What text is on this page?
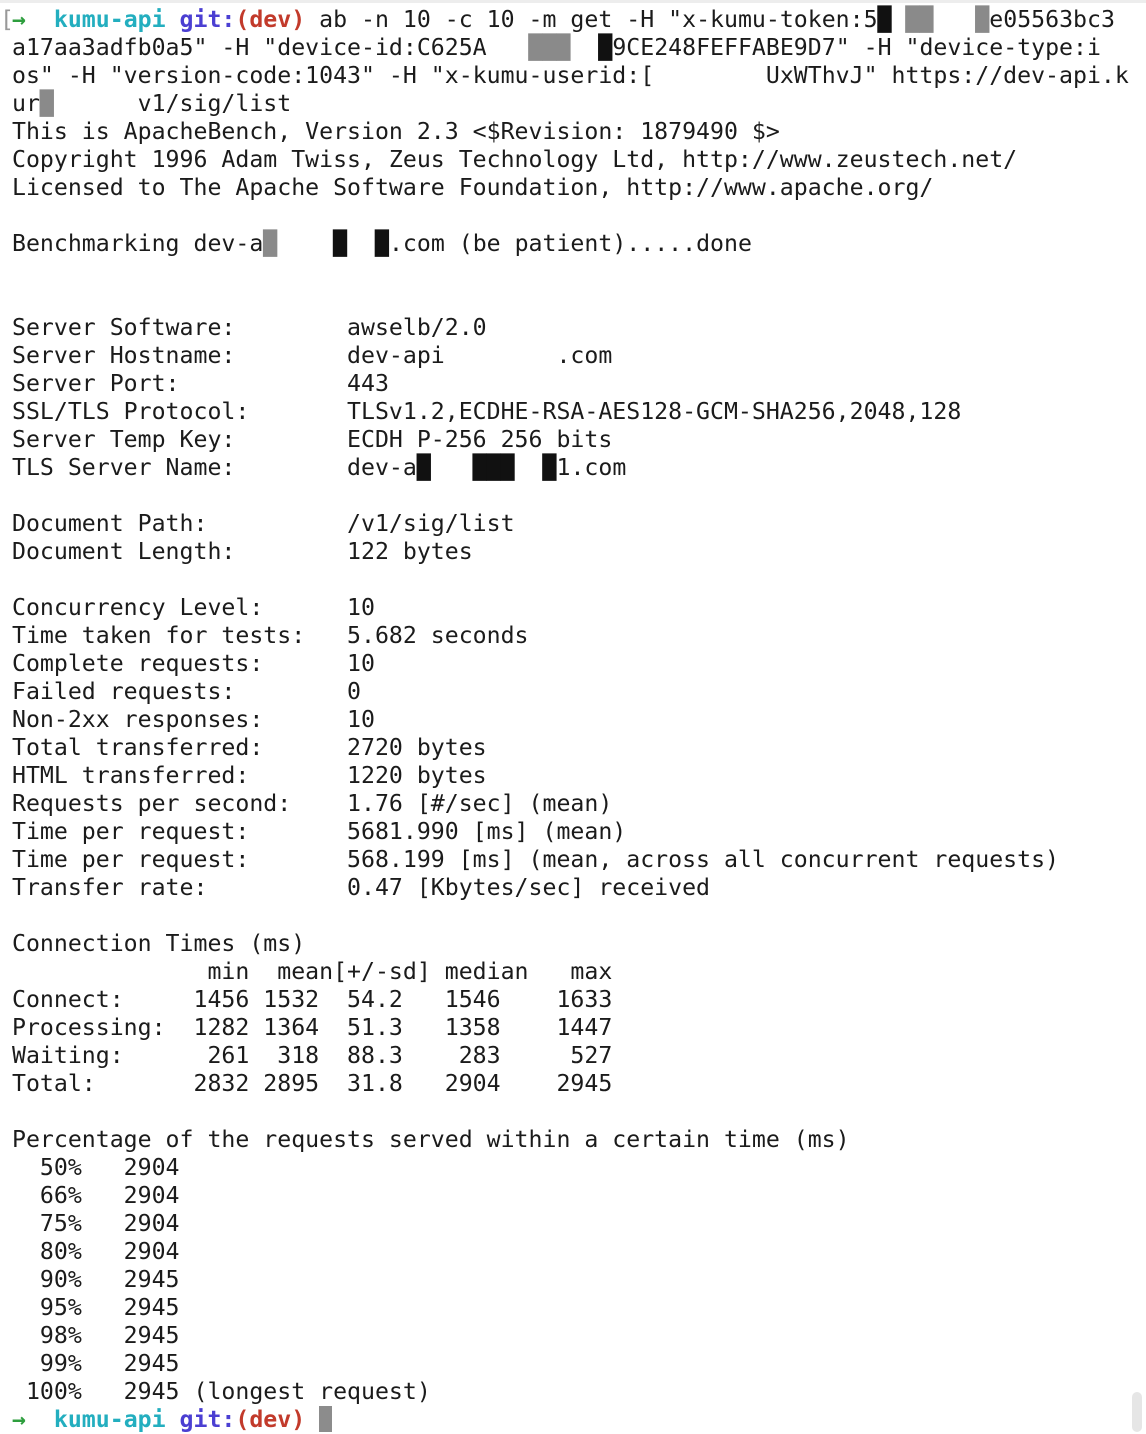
[
→  kumu-api git:(dev) ab -n 10 -c 10 -m get -H "x-kumu-token:5█ ██ █e05563bc3
a17aa3adfb0a5" -H "device-id:C625A ███ █9CE248FEFFABE9D7" -H "device-type:i
os" -H "version-code:1043" -H "x-kumu-userid:[	UxWThvJ" https://dev-api.k
ur█	v1/sig/list
This is ApacheBench, Version 2.3 <$Revision: 1879490 $>
Copyright 1996 Adam Twiss, Zeus Technology Ltd, http://www.zeustech.net/
Licensed to The Apache Software Foundation, http://www.apache.org/
Benchmarking dev-a█ █ █.com (be patient).....done
Server Software:        awselb/2.0
Server Hostname:        dev-api	.com
Server Port:            443
SSL/TLS Protocol:       TLSv1.2,ECDHE-RSA-AES128-GCM-SHA256,2048,128
Server Temp Key:        ECDH P-256 256 bits
TLS Server Name:        dev-a█ ███ █1.com
Document Path:          /v1/sig/list
Document Length:        122 bytes
Concurrency Level:      10
Time taken for tests:   5.682 seconds
Complete requests:      10
Failed requests:        0
Non-2xx responses:      10
Total transferred:      2720 bytes
HTML transferred:       1220 bytes
Requests per second:    1.76 [#/sec] (mean)
Time per request:       5681.990 [ms] (mean)
Time per request:       568.199 [ms] (mean, across all concurrent requests)
Transfer rate:          0.47 [Kbytes/sec] received
Connection Times (ms)
min  mean[+/-sd] median   max
Connect:     1456 1532  54.2   1546    1633
Processing:  1282 1364  51.3   1358    1447
Waiting:      261  318  88.3    283     527
Total:       2832 2895  31.8   2904    2945
Percentage of the requests served within a certain time (ms)
50%   2904
66%   2904
75%   2904
80%   2904
90%   2945
95%   2945
98%   2945
99%   2945
100%   2945 (longest request)
→  kumu-api git:(dev)
